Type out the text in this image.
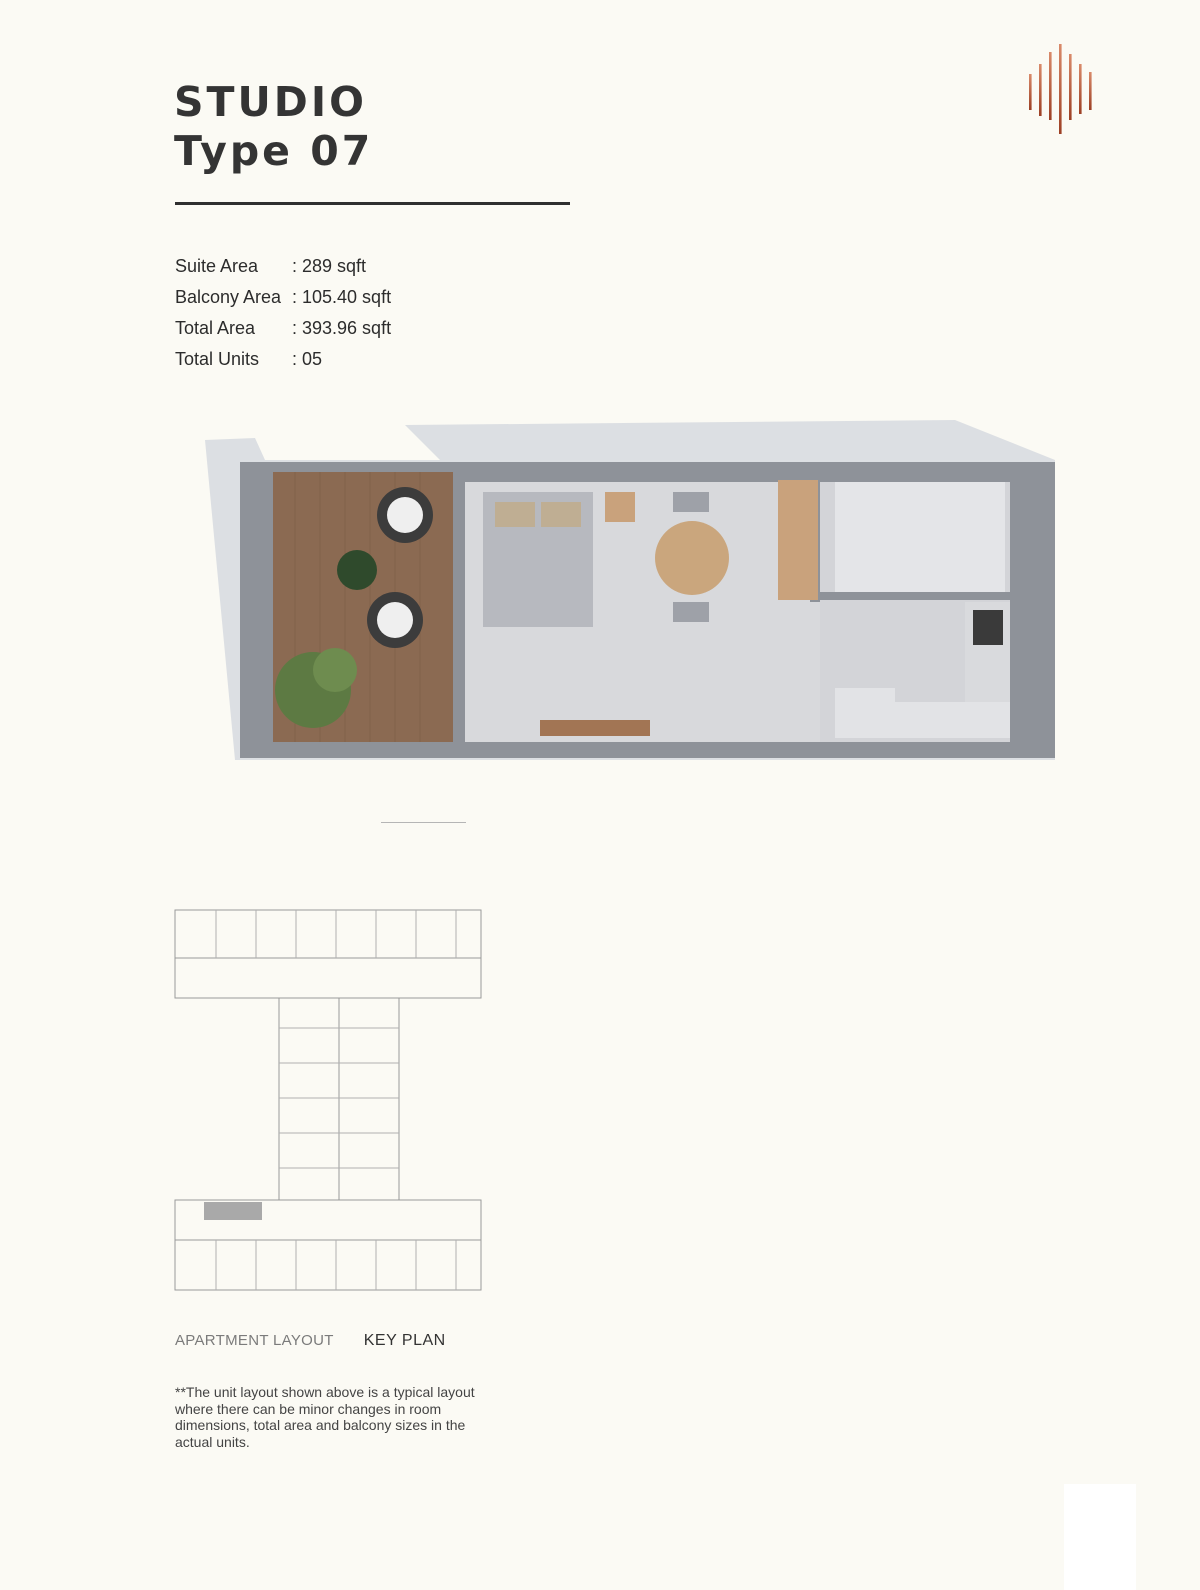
STUDIO
Type 07
Suite Area	: 289 sqft
Balcony Area : 105.40 sqft
Total Area	: 393.96 sqft
Total Units	: 05
APARTMENT LAYOUT KEY PLAN
**The unit layout shown above is a typical layout where there can be minor changes in room dimensions, total area and balcony sizes in the actual units.
